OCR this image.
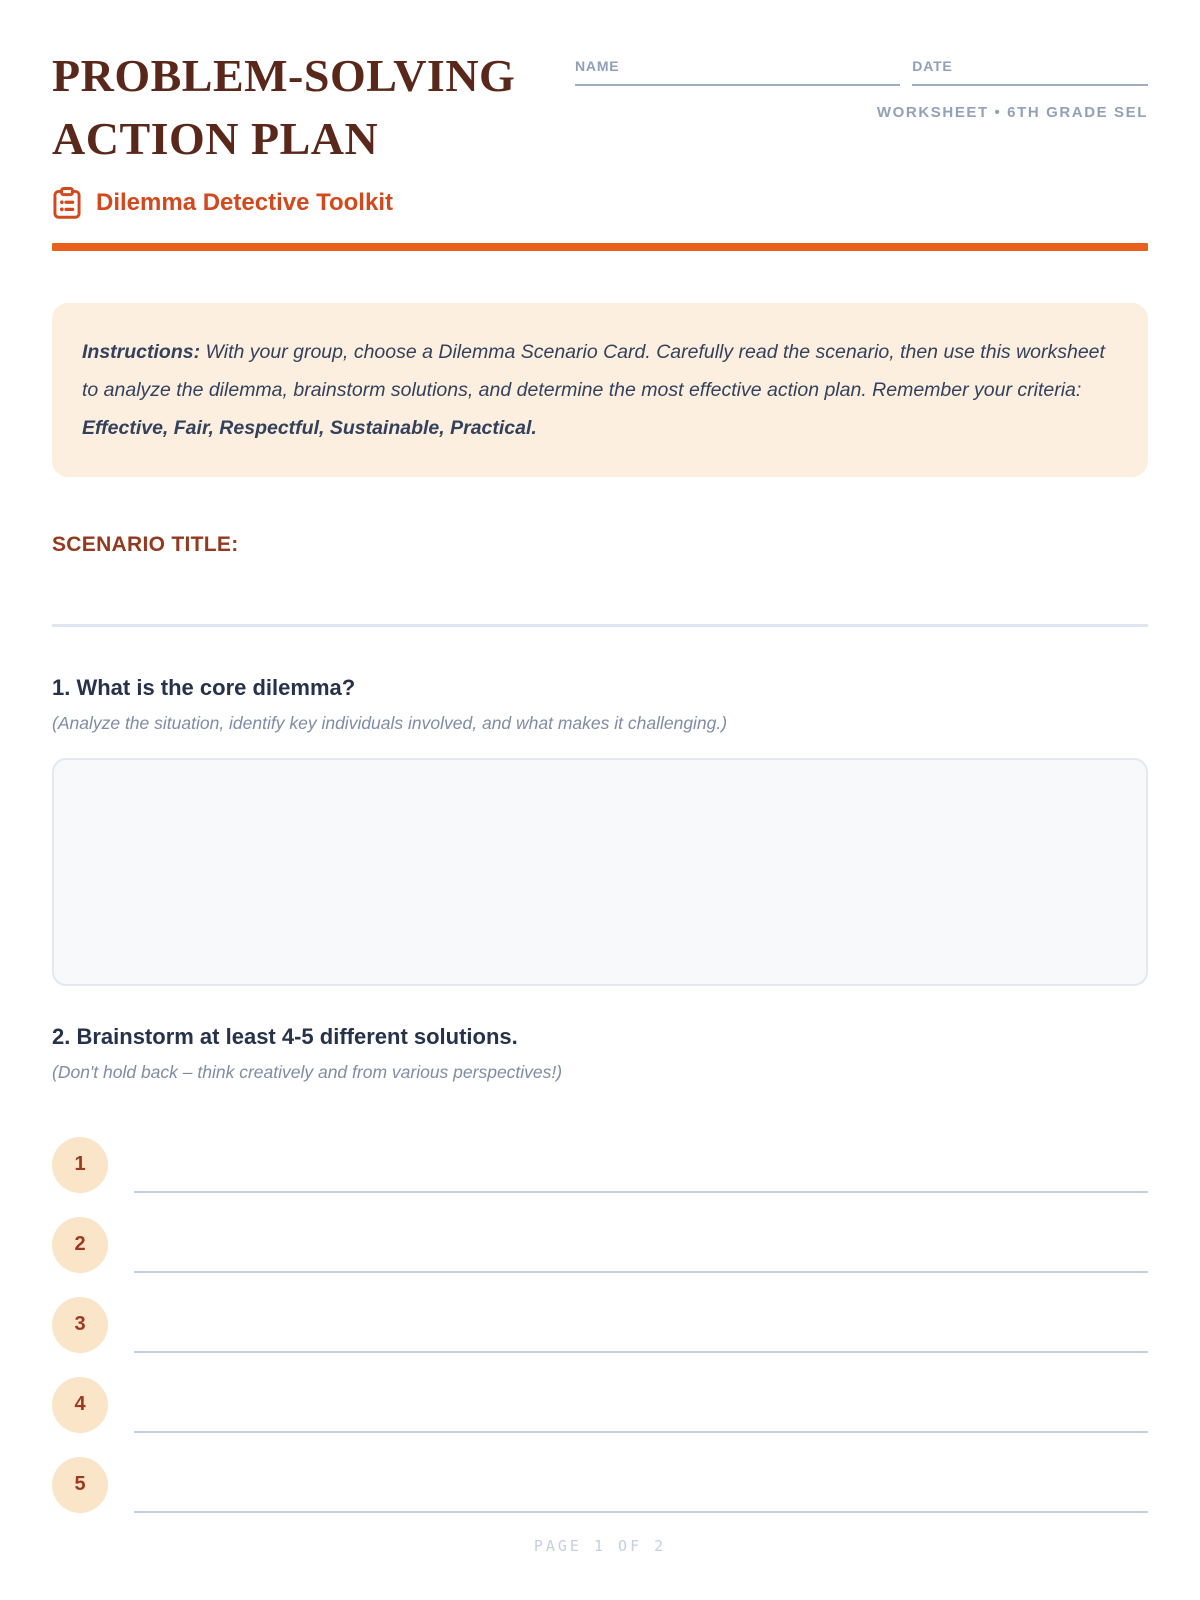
PROBLEM-SOLVING
ACTION PLAN
Dilemma Detective Toolkit
NAME	DATE
WORKSHEET • 6TH GRADE SEL
Instructions: With your group, choose a Dilemma Scenario Card. Carefully read the scenario, then use this worksheet to analyze the dilemma, brainstorm solutions, and determine the most effective action plan. Remember your criteria: Effective, Fair, Respectful, Sustainable, Practical.
SCENARIO TITLE:
1. What is the core dilemma?
(Analyze the situation, identify key individuals involved, and what makes it challenging.)
2. Brainstorm at least 4-5 different solutions.
(Don't hold back – think creatively and from various perspectives!)
1
2
3
4
5
PAGE 1 OF 2
